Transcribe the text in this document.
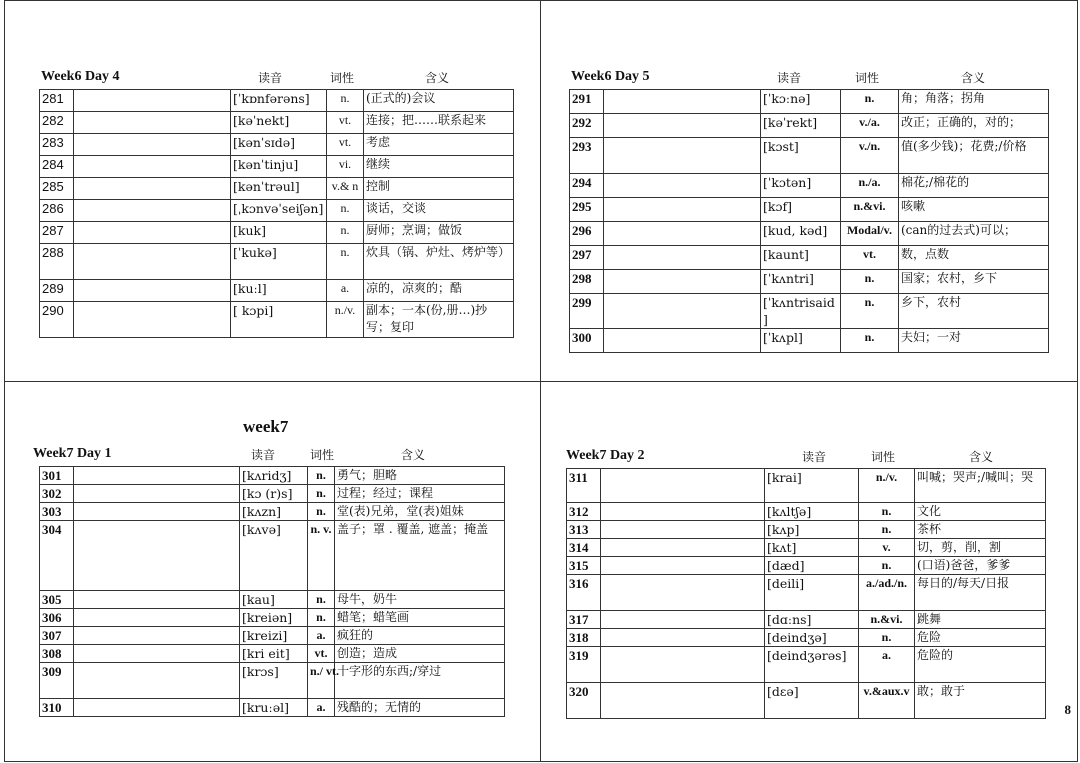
Week6 Day 4	读音	词性	含义
281		[ˈkɒnfərəns]	n.	(正式的)会议
282		[kəˈnekt]	vt.	连接；把……联系起来
283		[kənˈsɪdə]	vt.	考虑
284		[kənˈtinju]	vi.	继续
285		[kənˈtrəul]	v.& n	控制
286		[ˌkɔnvəˈseiʃən]	n.	谈话，交谈
287		[kuk]	n.	厨师；烹调；做饭
288		[ˈkukə]	n.	炊具（锅、炉灶、烤炉等）
289		[kuːl]	a.	凉的，凉爽的；酷
290		[ kɔpi]	n./v.	副本；一本(份,册…)抄写；复印
Week6 Day 5	读音	词性	含义
291		[ˈkɔːnə]	n.	角；角落；拐角
292		[kəˈrekt]	v./a.	改正；正确的，对的；
293		[kɔst]	v./n.	值(多少钱)；花费;/价格
294		[ˈkɔtən]	n./a.	棉花;/棉花的
295		[kɔf]	n.&vi.	咳嗽
296		[kud, kəd]	Modal/v.	(can的过去式)可以；
297		[kaunt]	vt.	数，点数
298		[ˈkʌntri]	n.	国家；农村，乡下
299		[ˈkʌntrisaid]	n.	乡下，农村
300		[ˈkʌpl]	n.	夫妇；一对
week7
Week7 Day 1	读音	词性	含义
301		[kʌridʒ]	n.	勇气；胆略
302		[kɔ (r)s]	n.	过程；经过；课程
303		[kʌzn]	n.	堂(表)兄弟，堂(表)姐妹
304		[kʌvə]	n. v.	盖子；罩 . 覆盖, 遮盖；掩盖
305		[kau]	n.	母牛，奶牛
306		[kreiən]	n.	蜡笔；蜡笔画
307		[kreizi]	a.	疯狂的
308		[kri eit]	vt.	创造；造成
309		[krɔs]	n./ vt.	十字形的东西;/穿过
310		[kruːəl]	a.	残酷的；无情的
Week7 Day 2	读音	词性	含义
311		[krai]	n./v.	叫喊；哭声;/喊叫；哭
312		[kʌltʃə]	n.	文化
313		[kʌp]	n.	茶杯
314		[kʌt]	v.	切，剪，削，割
315		[dæd]	n.	(口语)爸爸，爹爹
316		[deili]	a./ad./n.	每日的/每天/日报
317		[dɑːns]	n.&vi.	跳舞
318		[deindʒə]	n.	危险
319		[deindʒərəs]	a.	危险的
320		[dɛə]	v.&aux.v	敢；敢于
8
